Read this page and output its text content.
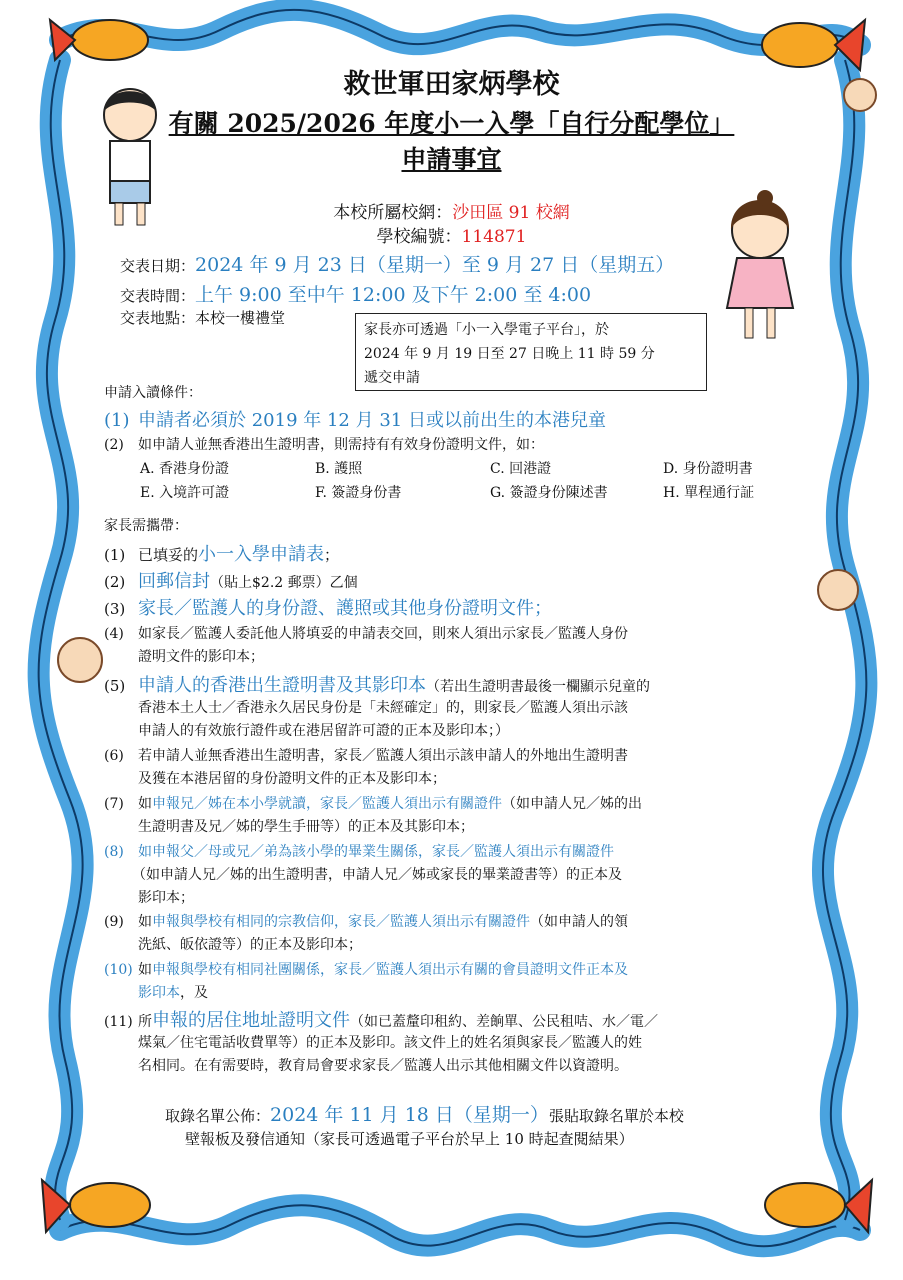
救世軍田家炳學校
有關 2025/2026 年度小一入學「自行分配學位」
申請事宜
本校所屬校網：沙田區 91 校網
學校編號：114871
交表日期：2024 年 9 月 23 日（星期一）至 9 月 27 日（星期五）
交表時間：上午 9:00 至中午 12:00 及下午 2:00 至 4:00
交表地點：本校一樓禮堂
家長亦可透過「小一入學電子平台」，於
2024 年 9 月 19 日至 27 日晚上 11 時 59 分
遞交申請
申請入讀條件：
(1) 申請者必須於 2019 年 12 月 31 日或以前出生的本港兒童
(2) 如申請人並無香港出生證明書，則需持有有效身份證明文件，如：
A. 香港身份證	B. 護照	C. 回港證	D. 身份證明書
E. 入境許可證	F. 簽證身份書	G. 簽證身份陳述書	H. 單程通行証
家長需攜帶：
(1) 已填妥的小一入學申請表；
(2) 回郵信封（貼上$2.2 郵票）乙個
(3) 家長／監護人的身份證、護照或其他身份證明文件；
(4) 如家長／監護人委託他人將填妥的申請表交回，則來人須出示家長／監護人身份
證明文件的影印本；
(5) 申請人的香港出生證明書及其影印本（若出生證明書最後一欄顯示兒童的
香港本土人士／香港永久居民身份是「未經確定」的，則家長／監護人須出示該
申請人的有效旅行證件或在港居留許可證的正本及影印本；）
(6) 若申請人並無香港出生證明書，家長／監護人須出示該申請人的外地出生證明書
及獲在本港居留的身份證明文件的正本及影印本；
(7) 如申報兄／姊在本小學就讀，家長／監護人須出示有關證件（如申請人兄／姊的出
生證明書及兄／姊的學生手冊等）的正本及其影印本；
(8) 如申報父／母或兄／弟為該小學的畢業生關係，家長／監護人須出示有關證件
（如申請人兄／姊的出生證明書，申請人兄／姊或家長的畢業證書等）的正本及
影印本；
(9) 如申報與學校有相同的宗教信仰，家長／監護人須出示有關證件（如申請人的領
洗紙、皈依證等）的正本及影印本；
(10) 如申報與學校有相同社團關係，家長／監護人須出示有關的會員證明文件正本及
影印本，及
(11) 所申報的居住地址證明文件（如已蓋釐印租約、差餉單、公民租咭、水／電／
煤氣／住宅電話收費單等）的正本及影印。該文件上的姓名須與家長／監護人的姓
名相同。在有需要時，教育局會要求家長／監護人出示其他相關文件以資證明。
取錄名單公佈：2024 年 11 月 18 日（星期一）張貼取錄名單於本校
壁報板及發信通知（家長可透過電子平台於早上 10 時起查閱結果）
